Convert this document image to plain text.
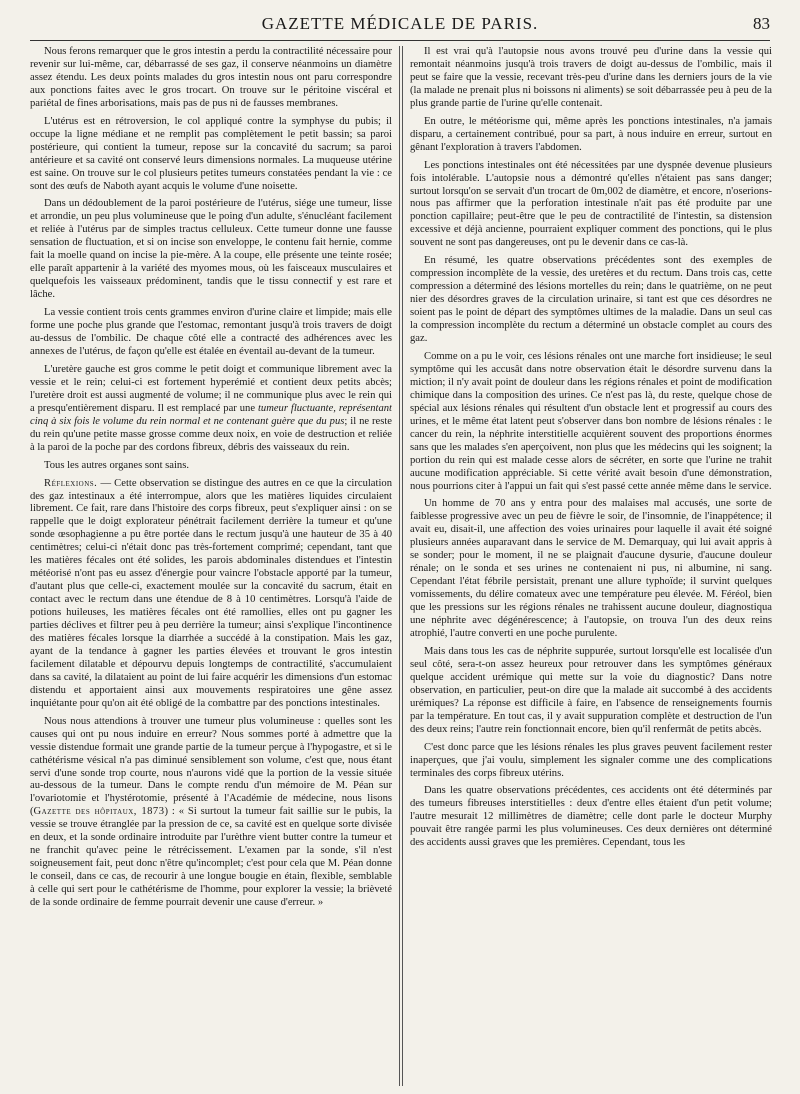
GAZETTE MÉDICALE DE PARIS.	83

Nous ferons remarquer que le gros intestin a perdu la contractilité nécessaire pour revenir sur lui-même, car, débarrassé de ses gaz, il conserve néanmoins un diamètre assez étendu. Les deux points malades du gros intestin nous ont paru correspondre aux ponctions faites avec le gros trocart. On trouve sur le péritoine viscéral et pariétal de fines arborisations, mais pas de pus ni de fausses membranes.

L'utérus est en rétroversion, le col appliqué contre la symphyse du pubis; il occupe la ligne médiane et ne remplit pas complètement le petit bassin; sa paroi postérieure, qui contient la tumeur, repose sur la concavité du sacrum; sa paroi antérieure et sa cavité ont conservé leurs dimensions normales. La muqueuse utérine est saine. On trouve sur le col plusieurs petites tumeurs constatées pendant la vie : ce sont des œufs de Naboth ayant acquis le volume d'une noisette.

Dans un dédoublement de la paroi postérieure de l'utérus, siége une tumeur, lisse et arrondie, un peu plus volumineuse que le poing d'un adulte, s'énucléant facilement et reliée à l'utérus par de simples tractus celluleux. Cette tumeur donne une fausse sensation de fluctuation, et si on incise son enveloppe, le contenu fait hernie, comme fait la moelle quand on incise la pie-mère. A la coupe, elle présente une teinte rosée; elle paraît appartenir à la variété des myomes mous, où les faisceaux musculaires et quelquefois les vaisseaux prédominent, tandis que le tissu connectif y est rare et lâche.

La vessie contient trois cents grammes environ d'urine claire et limpide; mais elle forme une poche plus grande que l'estomac, remontant jusqu'à trois travers de doigt au-dessus de l'ombilic. De chaque côté elle a contracté des adhérences avec les annexes de l'utérus, de façon qu'elle est étalée en éventail au-devant de la tumeur.

L'uretère gauche est gros comme le petit doigt et communique librement avec la vessie et le rein; celui-ci est fortement hyperémié et contient deux petits abcès; l'uretère droit est aussi augmenté de volume; il ne communique plus avec le rein qui a presqu'entièrement disparu. Il est remplacé par une tumeur fluctuante, représentant cinq à six fois le volume du rein normal et ne contenant guère que du pus; il ne reste du rein qu'une petite masse grosse comme deux noix, en voie de destruction et reliée à la paroi de la poche par des cordons fibreux, débris des vaisseaux du rein.

Tous les autres organes sont sains.

Réflexions. — Cette observation se distingue des autres en ce que la circulation des gaz intestinaux a été interrompue, alors que les matières liquides circulaient librement. Ce fait, rare dans l'histoire des corps fibreux, peut s'expliquer ainsi : on se rappelle que le doigt explorateur pénétrait facilement derrière la tumeur et qu'une sonde œsophagienne a pu être portée dans le rectum jusqu'à une hauteur de 35 à 40 centimètres; celui-ci n'était donc pas très-fortement comprimé; cependant, tant que les matières fécales ont été solides, les parois abdominales distendues et l'intestin météorisé n'ont pas eu assez d'énergie pour vaincre l'obstacle apporté par la tumeur, d'autant plus que celle-ci, exactement moulée sur la concavité du sacrum, était en contact avec le rectum dans une étendue de 8 à 10 centimètres. Lorsqu'à l'aide de potions huileuses, les matières fécales ont été ramollies, elles ont pu gagner les parties déclives et filtrer peu à peu derrière la tumeur; ainsi s'explique l'incontinence des matières fécales lorsque la diarrhée a succédé à la constipation. Mais les gaz, ayant de la tendance à gagner les parties élevées et trouvant le gros intestin facilement dilatable et dépourvu depuis longtemps de contractilité, s'accumulaient dans sa cavité, la dilataient au point de lui faire acquérir les dimensions d'un estomac distendu et apportaient ainsi aux mouvements respiratoires une gêne assez inquiétante pour qu'on ait été obligé de la combattre par des ponctions intestinales.

Nous nous attendions à trouver une tumeur plus volumineuse : quelles sont les causes qui ont pu nous induire en erreur? Nous sommes porté à admettre que la vessie distendue formait une grande partie de la tumeur perçue à l'hypogastre, et si le cathétérisme vésical n'a pas diminué sensiblement son volume, c'est que, nous étant servi d'une sonde trop courte, nous n'aurons vidé que la portion de la vessie située au-dessous de la tumeur. Dans le compte rendu d'un mémoire de M. Péan sur l'ovariotomie et l'hystérotomie, présenté à l'Académie de médecine, nous lisons (Gazette des hôpitaux, 1873) : « Si surtout la tumeur fait saillie sur le pubis, la vessie se trouve étranglée par la pression de ce, sa cavité est en quelque sorte divisée en deux, et la sonde ordinaire introduite par l'urèthre vient butter contre la tumeur et ne franchit qu'avec peine le rétrécissement. L'examen par la sonde, s'il n'est soigneusement fait, peut donc n'être qu'incomplet; c'est pour cela que M. Péan donne le conseil, dans ce cas, de recourir à une longue bougie en étain, flexible, semblable à celle qui sert pour le cathétérisme de l'homme, pour explorer la vessie; la brièveté de la sonde ordinaire de femme pourrait devenir une cause d'erreur. »

Il est vrai qu'à l'autopsie nous avons trouvé peu d'urine dans la vessie qui remontait néanmoins jusqu'à trois travers de doigt au-dessus de l'ombilic, mais il peut se faire que la vessie, recevant très-peu d'urine dans les derniers jours de la vie (la malade ne prenait plus ni boissons ni aliments) se soit débarrassée peu à peu de la plus grande partie de l'urine qu'elle contenait.

En outre, le météorisme qui, même après les ponctions intestinales, n'a jamais disparu, a certainement contribué, pour sa part, à nous induire en erreur, surtout en gênant l'exploration à travers l'abdomen.

Les ponctions intestinales ont été nécessitées par une dyspnée devenue plusieurs fois intolérable. L'autopsie nous a démontré qu'elles n'étaient pas sans danger; surtout lorsqu'on se servait d'un trocart de 0m,002 de diamètre, et encore, n'oserions-nous pas affirmer que la perforation intestinale n'ait pas été produite par une ponction capillaire; peut-être que le peu de contractilité de l'intestin, sa distension excessive et déjà ancienne, pourraient expliquer comment des ponctions, qui le plus souvent ne sont pas dangereuses, ont pu le devenir dans ce cas-là.

En résumé, les quatre observations précédentes sont des exemples de compression incomplète de la vessie, des uretères et du rectum. Dans trois cas, cette compression a déterminé des lésions mortelles du rein; dans le quatrième, on ne peut nier des désordres graves de la circulation urinaire, si tant est que ces désordres ne soient pas le point de départ des symptômes ultimes de la maladie. Dans un seul cas la compression incomplète du rectum a déterminé un obstacle complet au cours des gaz.

Comme on a pu le voir, ces lésions rénales ont une marche fort insidieuse; le seul symptôme qui les accusât dans notre observation était le désordre survenu dans la miction; il n'y avait point de douleur dans les régions rénales et point de modification chimique dans la composition des urines. Ce n'est pas là, du reste, quelque chose de spécial aux lésions rénales qui résultent d'un obstacle lent et progressif au cours des urines, et le même état latent peut s'observer dans bon nombre de lésions rénales : le cancer du rein, la néphrite interstitielle acquièrent souvent des proportions énormes sans que les malades s'en aperçoivent, non plus que les médecins qui les soignent; la portion du rein qui est malade cesse alors de sécréter, en sorte que l'urine ne trahit aucune modification appréciable. Si cette vérité avait besoin d'une démonstration, nous pourrions citer à l'appui un fait qui s'est passé cette année même dans le service.

Un homme de 70 ans y entra pour des malaises mal accusés, une sorte de faiblesse progressive avec un peu de fièvre le soir, de l'insomnie, de l'inappétence; il avait eu, disait-il, une affection des voies urinaires pour laquelle il avait été soigné plusieurs années auparavant dans le service de M. Demarquay, qui lui avait appris à se sonder; pour le moment, il ne se plaignait d'aucune dysurie, d'aucune douleur rénale; on le sonda et ses urines ne contenaient ni pus, ni albumine, ni sang. Cependant l'état fébrile persistait, prenant une allure typhoïde; il survint quelques vomissements, du délire comateux avec une température peu élevée. M. Féréol, bien que les pressions sur les régions rénales ne trahissent aucune douleur, diagnostiqua une néphrite avec dégénérescence; à l'autopsie, on trouva l'un des deux reins atrophié, l'autre converti en une poche purulente.

Mais dans tous les cas de néphrite suppurée, surtout lorsqu'elle est localisée d'un seul côté, sera-t-on assez heureux pour retrouver dans les symptômes généraux quelque accident urémique qui mette sur la voie du diagnostic? Dans notre observation, en particulier, peut-on dire que la malade ait succombé à des accidents urémiques? La réponse est difficile à faire, en l'absence de renseignements fournis par la température. En tout cas, il y avait suppuration complète et destruction de l'un des deux reins; l'autre rein fonctionnait encore, bien qu'il renfermât de petits abcès.

C'est donc parce que les lésions rénales les plus graves peuvent facilement rester inaperçues, que j'ai voulu, simplement les signaler comme une des complications terminales des corps fibreux utérins.

Dans les quatre observations précédentes, ces accidents ont été déterminés par des tumeurs fibreuses interstitielles : deux d'entre elles étaient d'un petit volume; l'autre mesurait 12 millimètres de diamètre; celle dont parle le docteur Murphy pouvait être rangée parmi les plus volumineuses. Ces deux dernières ont déterminé des accidents aussi graves que les premières. Cependant, tous les
